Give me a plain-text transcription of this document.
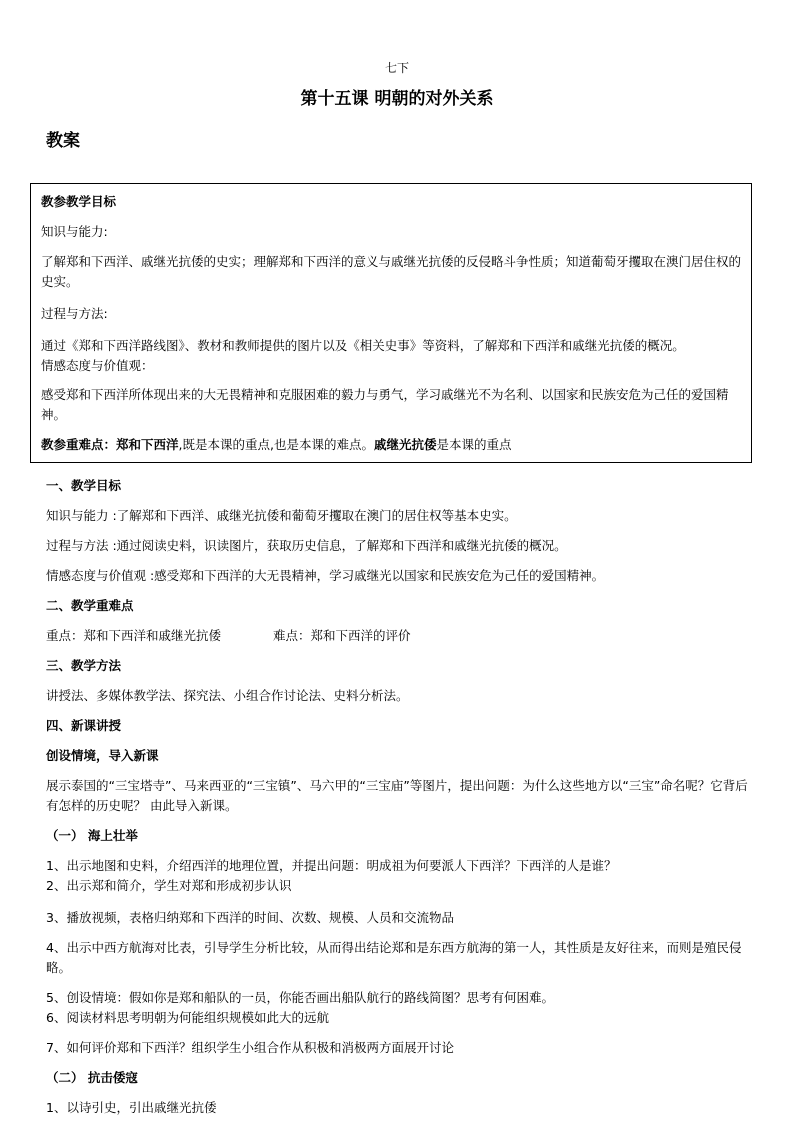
七下
第十五课 明朝的对外关系
教案

教参教学目标

知识与能力:

了解郑和下西洋、戚继光抗倭的史实；理解郑和下西洋的意义与戚继光抗倭的反侵略斗争性质；知道葡萄牙攫取在澳门居住权的史实。

过程与方法:

通过《郑和下西洋路线图》、教材和教师提供的图片以及《相关史事》等资料，了解郑和下西洋和戚继光抗倭的概况。

情感态度与价值观：

感受郑和下西洋所体现出来的大无畏精神和克服困难的毅力与勇气，学习戚继光不为名利、以国家和民族安危为己任的爱国精神。

教参重难点：郑和下西洋,既是本课的重点,也是本课的难点。戚继光抗倭是本课的重点

一、教学目标

知识与能力 :了解郑和下西洋、戚继光抗倭和葡萄牙攫取在澳门的居住权等基本史实。

过程与方法 :通过阅读史料，识读图片，获取历史信息，了解郑和下西洋和戚继光抗倭的概况。

情感态度与价值观 :感受郑和下西洋的大无畏精神，学习戚继光以国家和民族安危为己任的爱国精神。

二、教学重难点

重点：郑和下西洋和戚继光抗倭	难点：郑和下西洋的评价

三、教学方法

讲授法、多媒体教学法、探究法、小组合作讨论法、史料分析法。

四、新课讲授

创设情境，导入新课

展示泰国的“三宝塔寺”、马来西亚的“三宝镇”、马六甲的“三宝庙”等图片，提出问题：为什么这些地方以“三宝”命名呢？它背后有怎样的历史呢？ 由此导入新课。

（一） 海上壮举

1、出示地图和史料，介绍西洋的地理位置，并提出问题：明成祖为何要派人下西洋？下西洋的人是谁？

2、出示郑和简介，学生对郑和形成初步认识

3、播放视频，表格归纳郑和下西洋的时间、次数、规模、人员和交流物品

4、出示中西方航海对比表，引导学生分析比较，从而得出结论郑和是东西方航海的第一人，其性质是友好往来，而则是殖民侵略。

5、创设情境：假如你是郑和船队的一员，你能否画出船队航行的路线简图？思考有何困难。

6、阅读材料思考明朝为何能组织规模如此大的远航

7、如何评价郑和下西洋？组织学生小组合作从积极和消极两方面展开讨论

（二） 抗击倭寇

1、以诗引史，引出戚继光抗倭
